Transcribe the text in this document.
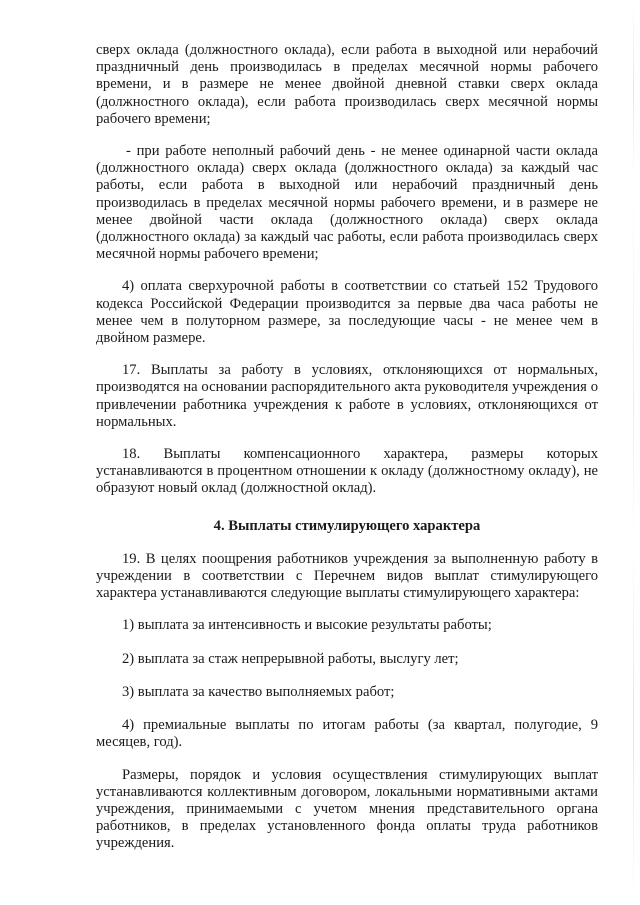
сверх оклада (должностного оклада), если работа в выходной или нерабочий праздничный день производилась в пределах месячной нормы рабочего времени, и в размере не менее двойной дневной ставки сверх оклада (должностного оклада), если работа производилась сверх месячной нормы рабочего времени;

- при работе неполный рабочий день - не менее одинарной части оклада (должностного оклада) сверх оклада (должностного оклада) за каждый час работы, если работа в выходной или нерабочий праздничный день производилась в пределах месячной нормы рабочего времени, и в размере не менее двойной части оклада (должностного оклада) сверх оклада (должностного оклада) за каждый час работы, если работа производилась сверх месячной нормы рабочего времени;

4) оплата сверхурочной работы в соответствии со статьей 152 Трудового кодекса Российской Федерации производится за первые два часа работы не менее чем в полуторном размере, за последующие часы - не менее чем в двойном размере.

17. Выплаты за работу в условиях, отклоняющихся от нормальных, производятся на основании распорядительного акта руководителя учреждения о привлечении работника учреждения к работе в условиях, отклоняющихся от нормальных.

18. Выплаты компенсационного характера, размеры которых устанавливаются в процентном отношении к окладу (должностному окладу), не образуют новый оклад (должностной оклад).

4. Выплаты стимулирующего характера

19. В целях поощрения работников учреждения за выполненную работу в учреждении в соответствии с Перечнем видов выплат стимулирующего характера устанавливаются следующие выплаты стимулирующего характера:

1) выплата за интенсивность и высокие результаты работы;

2) выплата за стаж непрерывной работы, выслугу лет;

3) выплата за качество выполняемых работ;

4) премиальные выплаты по итогам работы (за квартал, полугодие, 9 месяцев, год).

Размеры, порядок и условия осуществления стимулирующих выплат устанавливаются коллективным договором, локальными нормативными актами учреждения, принимаемыми с учетом мнения представительного органа работников, в пределах установленного фонда оплаты труда работников учреждения.
